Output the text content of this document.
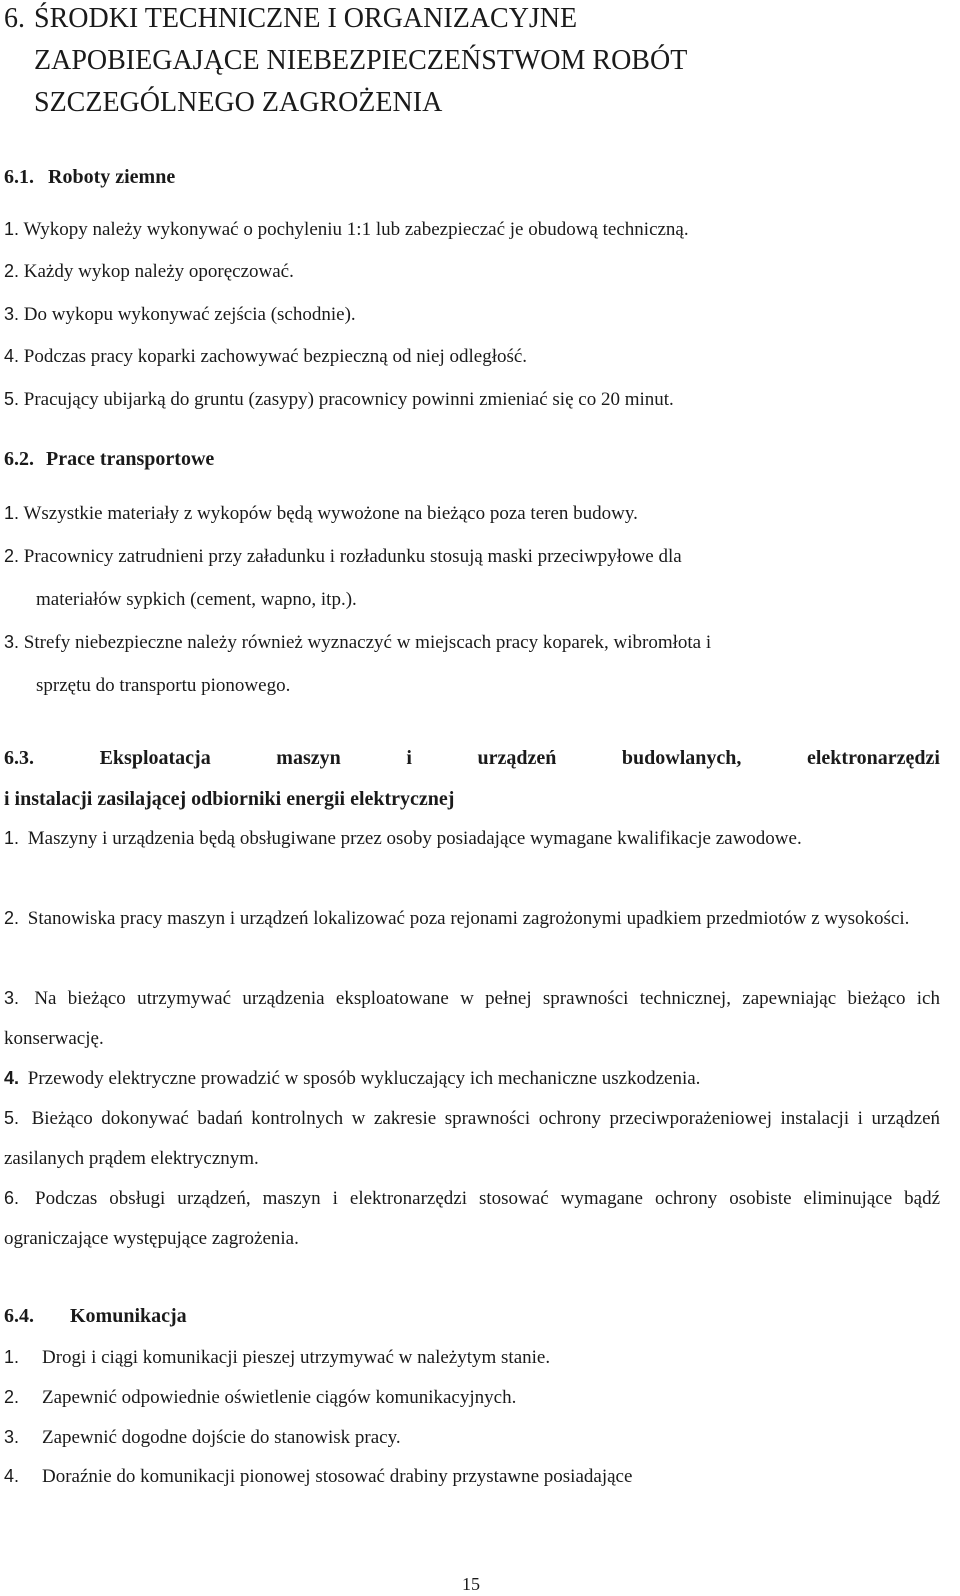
6. ŚRODKI TECHNICZNE I ORGANIZACYJNE
ZAPOBIEGAJĄCE NIEBEZPIECZEŃSTWOM ROBÓT
SZCZEGÓLNEGO ZAGROŻENIA
6.1. Roboty ziemne
1. Wykopy należy wykonywać o pochyleniu 1:1 lub zabezpieczać je obudową techniczną.
2. Każdy wykop należy oporęczować.
3. Do wykopu wykonywać zejścia (schodnie).
4. Podczas pracy koparki zachowywać bezpieczną od niej odległość.
5. Pracujący ubijarką do gruntu (zasypy) pracownicy powinni zmieniać się co 20 minut.
6.2. Prace transportowe
1. Wszystkie materiały z wykopów będą wywożone na bieżąco poza teren budowy.
2. Pracownicy zatrudnieni przy załadunku i rozładunku stosują maski przeciwpyłowe dla
materiałów sypkich (cement, wapno, itp.).
3. Strefy niebezpieczne należy również wyznaczyć w miejscach pracy koparek, wibromłota i
sprzętu do transportu pionowego.
6.3.	Eksploatacja	maszyn	i	urządzeń	budowlanych,	elektronarzędzi
i instalacji zasilającej odbiorniki energii elektrycznej
1. Maszyny i urządzenia będą obsługiwane przez osoby posiadające wymagane kwalifikacje zawodowe.
2. Stanowiska pracy maszyn i urządzeń lokalizować poza rejonami zagrożonymi upadkiem przedmiotów z wysokości.
3. Na bieżąco utrzymywać urządzenia eksploatowane w pełnej sprawności technicznej, zapewniając bieżąco ich konserwację.
4. Przewody elektryczne prowadzić w sposób wykluczający ich mechaniczne uszkodzenia.
5. Bieżąco dokonywać badań kontrolnych w zakresie sprawności ochrony przeciwporażeniowej instalacji i urządzeń zasilanych prądem elektrycznym.
6. Podczas obsługi urządzeń, maszyn i elektronarzędzi stosować wymagane ochrony osobiste eliminujące bądź ograniczające występujące zagrożenia.
6.4. Komunikacja
1. Drogi i ciągi komunikacji pieszej utrzymywać w należytym stanie.
2. Zapewnić odpowiednie oświetlenie ciągów komunikacyjnych.
3. Zapewnić dogodne dojście do stanowisk pracy.
4. Doraźnie do komunikacji pionowej stosować drabiny przystawne posiadające
15
